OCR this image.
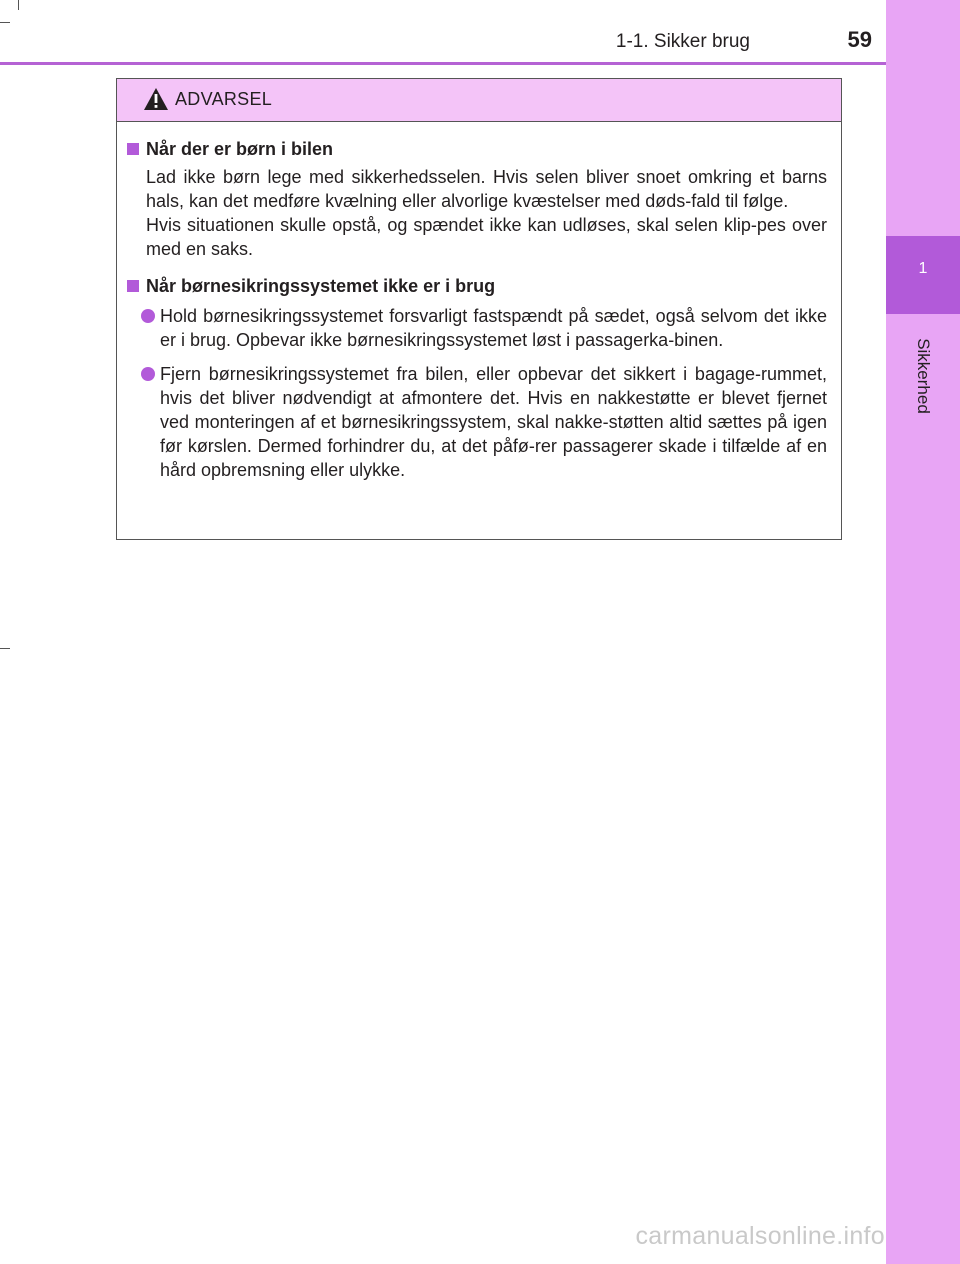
1
Sikkerhed
1-1. Sikker brug	59
ADVARSEL
Når der er børn i bilen
Lad ikke børn lege med sikkerhedsselen. Hvis selen bliver snoet omkring et barns hals, kan det medføre kvælning eller alvorlige kvæstelser med døds-fald til følge.
Hvis situationen skulle opstå, og spændet ikke kan udløses, skal selen klip-pes over med en saks.
Når børnesikringssystemet ikke er i brug
Hold børnesikringssystemet forsvarligt fastspændt på sædet, også selvom det ikke er i brug. Opbevar ikke børnesikringssystemet løst i passagerka-binen.
Fjern børnesikringssystemet fra bilen, eller opbevar det sikkert i bagage-rummet, hvis det bliver nødvendigt at afmontere det. Hvis en nakkestøtte er blevet fjernet ved monteringen af et børnesikringssystem, skal nakke-støtten altid sættes på igen før kørslen. Dermed forhindrer du, at det påfø-rer passagerer skade i tilfælde af en hård opbremsning eller ulykke.
carmanualsonline.info
